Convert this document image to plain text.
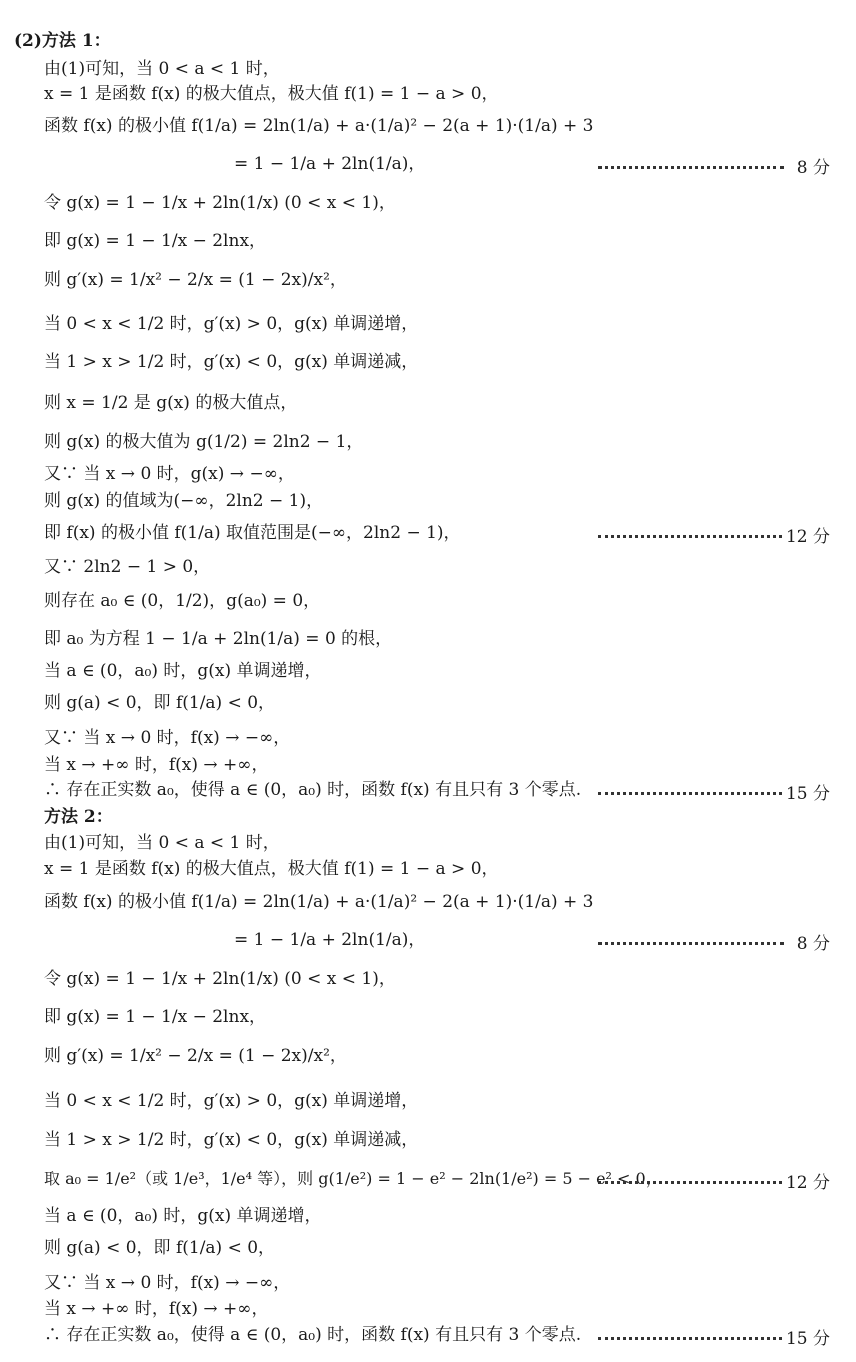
(2)方法 1：
由(1)可知，当 0 < a < 1 时，
x = 1 是函数 f(x) 的极大值点，极大值 f(1) = 1 − a > 0，
函数 f(x) 的极小值 f(1/a) = 2ln(1/a) + a·(1/a)² − 2(a + 1)·(1/a) + 3
= 1 − 1/a + 2ln(1/a)，	8 分
令 g(x) = 1 − 1/x + 2ln(1/x) (0 < x < 1)，
即 g(x) = 1 − 1/x − 2lnx，
则 g′(x) = 1/x² − 2/x = (1 − 2x)/x²，
当 0 < x < 1/2 时，g′(x) > 0，g(x) 单调递增，
当 1 > x > 1/2 时，g′(x) < 0，g(x) 单调递减，
则 x = 1/2 是 g(x) 的极大值点，
则 g(x) 的极大值为 g(1/2) = 2ln2 − 1，
又∵ 当 x → 0 时，g(x) → −∞，
则 g(x) 的值域为(−∞，2ln2 − 1)，
即 f(x) 的极小值 f(1/a) 取值范围是(−∞，2ln2 − 1)，	12 分
又∵ 2ln2 − 1 > 0，
则存在 a₀ ∈ (0，1/2)，g(a₀) = 0，
即 a₀ 为方程 1 − 1/a + 2ln(1/a) = 0 的根，
当 a ∈ (0，a₀) 时，g(x) 单调递增，
则 g(a) < 0，即 f(1/a) < 0，
又∵ 当 x → 0 时，f(x) → −∞，
当 x → +∞ 时，f(x) → +∞，
∴ 存在正实数 a₀，使得 a ∈ (0，a₀) 时，函数 f(x) 有且只有 3 个零点.	15 分
方法 2：
由(1)可知，当 0 < a < 1 时，
x = 1 是函数 f(x) 的极大值点，极大值 f(1) = 1 − a > 0，
函数 f(x) 的极小值 f(1/a) = 2ln(1/a) + a·(1/a)² − 2(a + 1)·(1/a) + 3
= 1 − 1/a + 2ln(1/a)，	8 分
令 g(x) = 1 − 1/x + 2ln(1/x) (0 < x < 1)，
即 g(x) = 1 − 1/x − 2lnx，
则 g′(x) = 1/x² − 2/x = (1 − 2x)/x²，
当 0 < x < 1/2 时，g′(x) > 0，g(x) 单调递增，
当 1 > x > 1/2 时，g′(x) < 0，g(x) 单调递减，
取 a₀ = 1/e²（或 1/e³，1/e⁴ 等），则 g(1/e²) = 1 − e² − 2ln(1/e²) = 5 − e² < 0，	12 分
当 a ∈ (0，a₀) 时，g(x) 单调递增，
则 g(a) < 0，即 f(1/a) < 0，
又∵ 当 x → 0 时，f(x) → −∞，
当 x → +∞ 时，f(x) → +∞，
∴ 存在正实数 a₀，使得 a ∈ (0，a₀) 时，函数 f(x) 有且只有 3 个零点.	15 分
